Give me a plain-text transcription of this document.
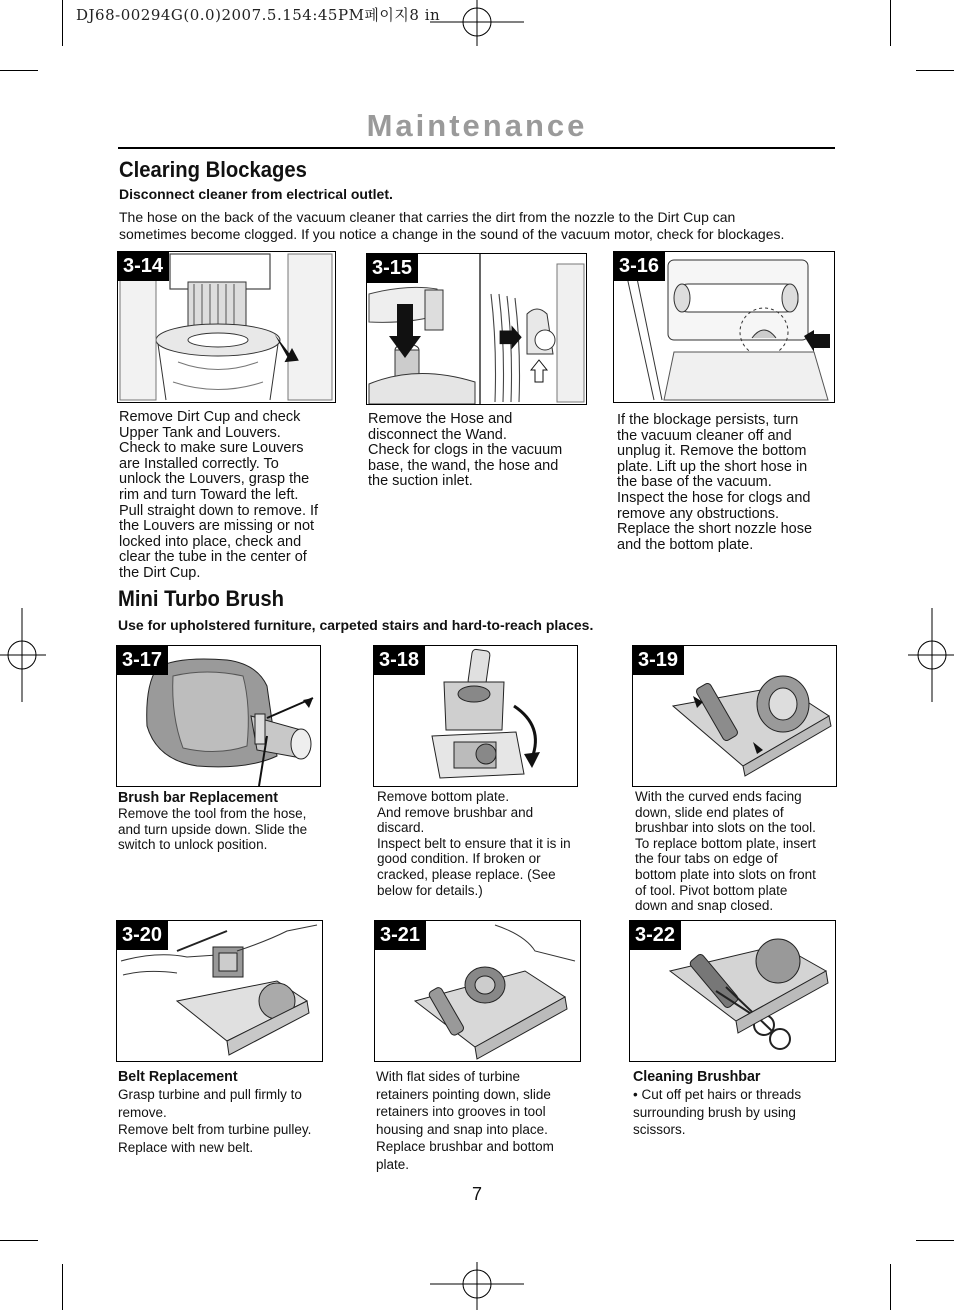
DJ68-00294G(0.0)2007.5.154:45PM페이지8 in
Maintenance
Clearing Blockages
Disconnect cleaner from electrical outlet.
The hose on the back of the vacuum cleaner that carries the dirt from the nozzle to the Dirt Cup can
sometimes become clogged. If you notice a change in the sound of the vacuum motor, check for blockages.
3-14	3-15	3-16
Remove Dirt Cup and check
Upper Tank and Louvers.
Check to make sure Louvers
are Installed correctly. To
unlock the Louvers, grasp the
rim and turn Toward the left.
Pull straight down to remove. If
the Louvers are missing or not
locked into place, check and
clear the tube in the center of
the Dirt Cup.
Remove the Hose and
disconnect the Wand.
Check for clogs in the vacuum
base, the wand, the hose and
the suction inlet.
If the blockage persists, turn
the vacuum cleaner off and
unplug it. Remove the bottom
plate. Lift up the short hose in
the base of the vacuum.
Inspect the hose for clogs and
remove any obstructions.
Replace the short nozzle hose
and the bottom plate.
Mini Turbo Brush
Use for upholstered furniture, carpeted stairs and hard-to-reach places.
3-17	3-18	3-19
Brush bar Replacement
Remove the tool from the hose,
and turn upside down. Slide the
switch to unlock position.
Remove bottom plate.
And remove brushbar and
discard.
Inspect belt to ensure that it is in
good condition. If broken or
cracked, please replace. (See
below for details.)
With the curved ends facing
down, slide end plates of
brushbar into slots on the tool.
To replace bottom plate, insert
the four tabs on edge of
bottom plate into slots on front
of tool. Pivot bottom plate
down and snap closed.
3-20	3-21	3-22
Belt Replacement
Grasp turbine and pull firmly to
remove.
Remove belt from turbine pulley.
Replace with new belt.
With flat sides of turbine
retainers pointing down, slide
retainers into grooves in tool
housing and snap into place.
Replace brushbar and bottom
plate.
Cleaning Brushbar
• Cut off pet hairs or threads
surrounding brush by using
scissors.
7
